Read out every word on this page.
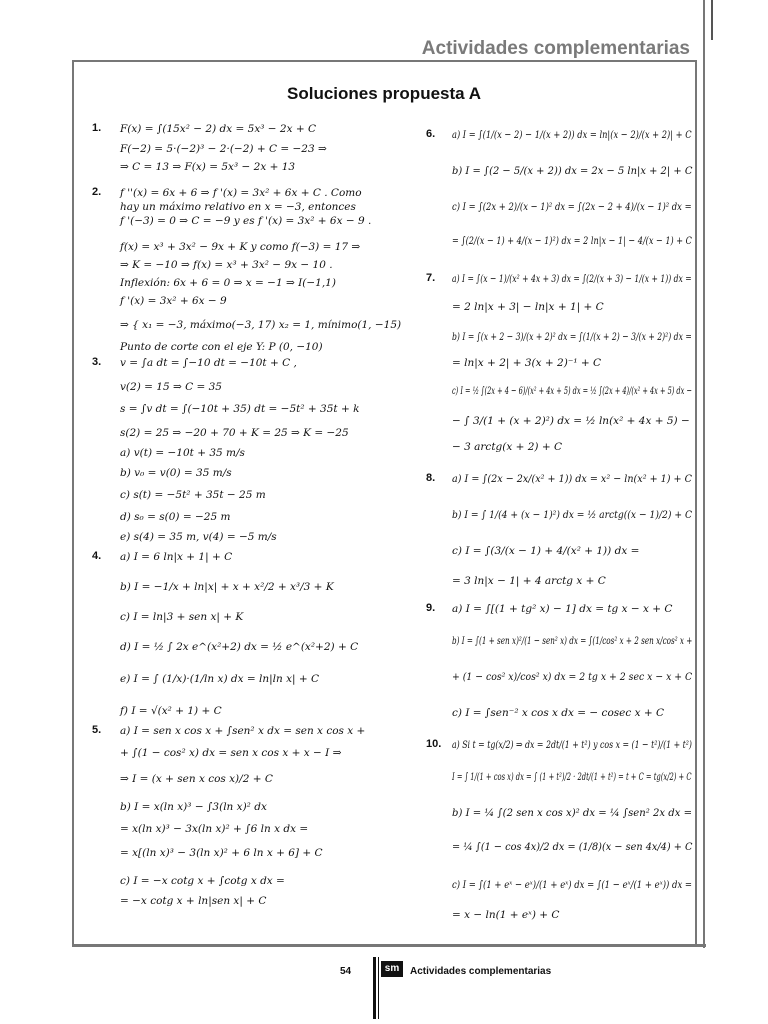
Actividades complementarias
Soluciones propuesta A
1. F(x) = ∫(15x² − 2) dx = 5x³ − 2x + C
F(−2) = 5·(−2)³ − 2·(−2) + C = −23 ⇒
⇒ C = 13 ⇒ F(x) = 5x³ − 2x + 13
2. f ''(x) = 6x + 6 ⇒ f '(x) = 3x² + 6x + C . Como
hay un máximo relativo en x = −3, entonces
f '(−3) = 0 ⇒ C = −9 y es f '(x) = 3x² + 6x − 9 .
f(x) = x³ + 3x² − 9x + K y como f(−3) = 17 ⇒
⇒ K = −10 ⇒ f(x) = x³ + 3x² − 9x − 10 .
Inflexión: 6x + 6 = 0 ⇒ x = −1 ⇒ I(−1,1)
f '(x) = 3x² + 6x − 9
⇒ { x₁ = −3, máximo(−3, 17) x₂ = 1, mínimo(1, −15)
Punto de corte con el eje Y: P (0, −10)
3. v = ∫a dt = ∫−10 dt = −10t + C ,
v(2) = 15 ⇒ C = 35
s = ∫v dt = ∫(−10t + 35) dt = −5t² + 35t + k
s(2) = 25 ⇒ −20 + 70 + K = 25 ⇒ K = −25
a) v(t) = −10t + 35 m/s
b) v₀ = v(0) = 35 m/s
c) s(t) = −5t² + 35t − 25 m
d) s₀ = s(0) = −25 m
e) s(4) = 35 m, v(4) = −5 m/s
4. a) I = 6 ln|x + 1| + C
b) I = −1/x + ln|x| + x + x²/2 + x³/3 + K
c) I = ln|3 + sen x| + K
d) I = ½ ∫ 2x e^(x²+2) dx = ½ e^(x²+2) + C
e) I = ∫ (1/x)·(1/ln x) dx = ln|ln x| + C
f) I = √(x² + 1) + C
5. a) I = sen x cos x + ∫sen² x dx = sen x cos x +
+ ∫(1 − cos² x) dx = sen x cos x + x − I ⇒
⇒ I = (x + sen x cos x)/2 + C
b) I = x(ln x)³ − ∫3(ln x)² dx
= x(ln x)³ − 3x(ln x)² + ∫6 ln x dx =
= x[(ln x)³ − 3(ln x)² + 6 ln x + 6] + C
c) I = −x cotg x + ∫cotg x dx =
= −x cotg x + ln|sen x| + C
6. a) I = ∫(1/(x − 2) − 1/(x + 2)) dx = ln|(x − 2)/(x + 2)| + C
b) I = ∫(2 − 5/(x + 2)) dx = 2x − 5 ln|x + 2| + C
c) I = ∫(2x + 2)/(x − 1)² dx = ∫(2x − 2 + 4)/(x − 1)² dx =
= ∫(2/(x − 1) + 4/(x − 1)²) dx = 2 ln|x − 1| − 4/(x − 1) + C
7. a) I = ∫(x − 1)/(x² + 4x + 3) dx = ∫(2/(x + 3) − 1/(x + 1)) dx =
= 2 ln|x + 3| − ln|x + 1| + C
b) I = ∫(x + 2 − 3)/(x + 2)² dx = ∫(1/(x + 2) − 3/(x + 2)²) dx =
= ln|x + 2| + 3(x + 2)⁻¹ + C
c) I = ½ ∫(2x + 4 − 6)/(x² + 4x + 5) dx = ½ ∫(2x + 4)/(x² + 4x + 5) dx −
− ∫ 3/(1 + (x + 2)²) dx = ½ ln(x² + 4x + 5) −
− 3 arctg(x + 2) + C
8. a) I = ∫(2x − 2x/(x² + 1)) dx = x² − ln(x² + 1) + C
b) I = ∫ 1/(4 + (x − 1)²) dx = ½ arctg((x − 1)/2) + C
c) I = ∫(3/(x − 1) + 4/(x² + 1)) dx =
= 3 ln|x − 1| + 4 arctg x + C
9. a) I = ∫[(1 + tg² x) − 1] dx = tg x − x + C
b) I = ∫(1 + sen x)²/(1 − sen² x) dx = ∫(1/cos² x + 2 sen x/cos² x +
+ (1 − cos² x)/cos² x) dx = 2 tg x + 2 sec x − x + C
c) I = ∫sen⁻² x cos x dx = − cosec x + C
10. a) Si t = tg(x/2) ⇒ dx = 2dt/(1 + t²) y cos x = (1 − t²)/(1 + t²)
I = ∫ 1/(1 + cos x) dx = ∫ (1 + t²)/2 · 2dt/(1 + t²) = t + C = tg(x/2) + C
b) I = ¼ ∫(2 sen x cos x)² dx = ¼ ∫sen² 2x dx =
= ¼ ∫(1 − cos 4x)/2 dx = (1/8)(x − sen 4x/4) + C
c) I = ∫(1 + eˣ − eˣ)/(1 + eˣ) dx = ∫(1 − eˣ/(1 + eˣ)) dx =
= x − ln(1 + eˣ) + C
54	sm	Actividades complementarias
